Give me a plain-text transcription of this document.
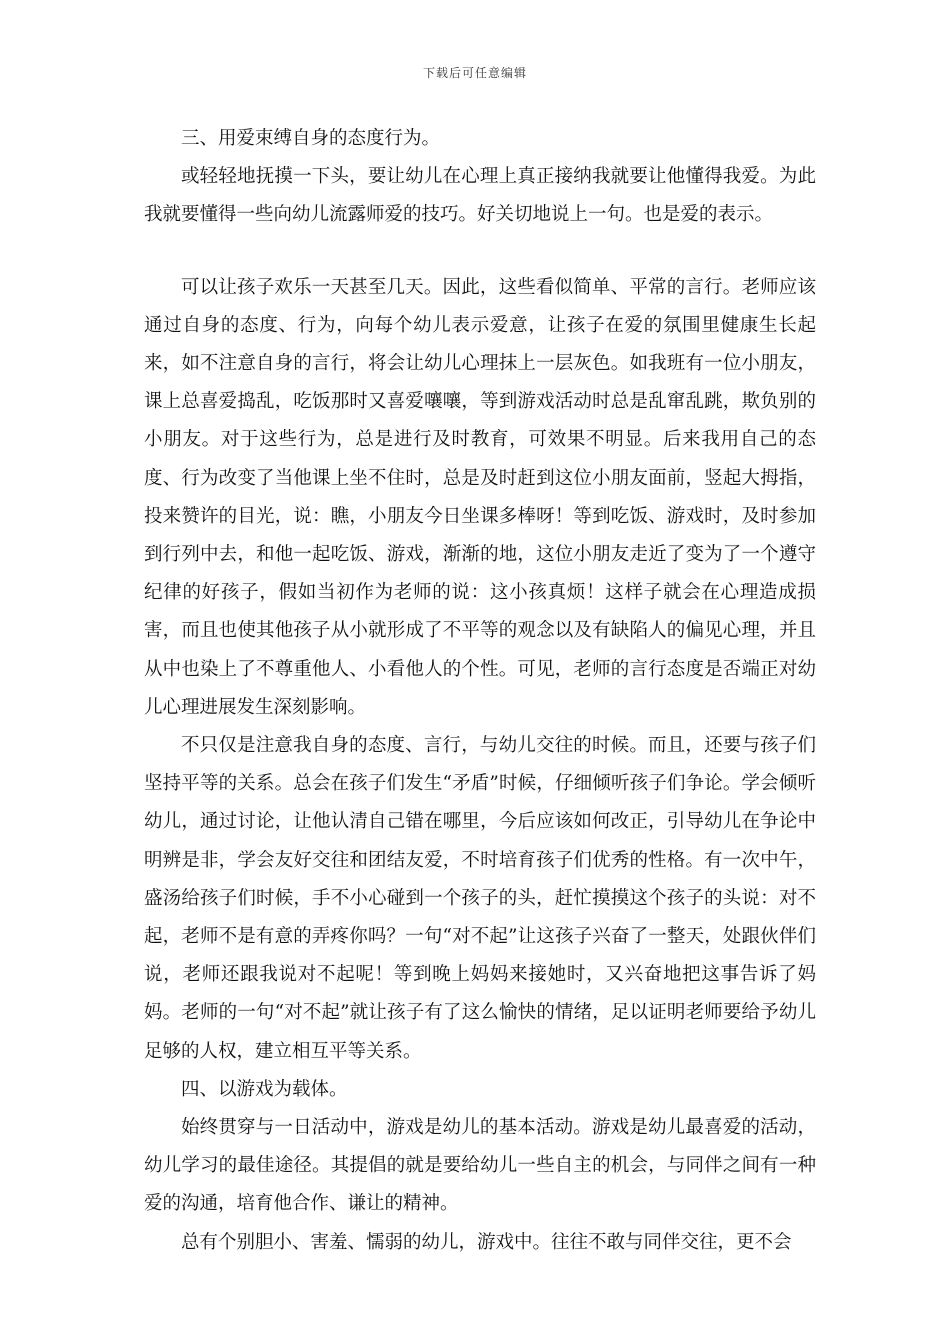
下载后可任意编辑

三、用爱束缚自身的态度行为。

或轻轻地抚摸一下头，要让幼儿在心理上真正接纳我就要让他懂得我爱。为此我就要懂得一些向幼儿流露师爱的技巧。好关切地说上一句。也是爱的表示。

可以让孩子欢乐一天甚至几天。因此，这些看似简单、平常的言行。老师应该通过自身的态度、行为，向每个幼儿表示爱意，让孩子在爱的氛围里健康生长起来，如不注意自身的言行，将会让幼儿心理抹上一层灰色。如我班有一位小朋友，课上总喜爱捣乱，吃饭那时又喜爱嚷嚷，等到游戏活动时总是乱窜乱跳，欺负别的小朋友。对于这些行为，总是进行及时教育，可效果不明显。后来我用自己的态度、行为改变了当他课上坐不住时，总是及时赶到这位小朋友面前，竖起大拇指，投来赞许的目光，说：瞧，小朋友今日坐课多棒呀！等到吃饭、游戏时，及时参加到行列中去，和他一起吃饭、游戏，渐渐的地，这位小朋友走近了变为了一个遵守纪律的好孩子，假如当初作为老师的说：这小孩真烦！这样子就会在心理造成损害，而且也使其他孩子从小就形成了不平等的观念以及有缺陷人的偏见心理，并且从中也染上了不尊重他人、小看他人的个性。可见，老师的言行态度是否端正对幼儿心理进展发生深刻影响。

不只仅是注意我自身的态度、言行，与幼儿交往的时候。而且，还要与孩子们坚持平等的关系。总会在孩子们发生“矛盾”时候，仔细倾听孩子们争论。学会倾听幼儿，通过讨论，让他认清自己错在哪里，今后应该如何改正，引导幼儿在争论中明辨是非，学会友好交往和团结友爱，不时培育孩子们优秀的性格。有一次中午，盛汤给孩子们时候，手不小心碰到一个孩子的头，赶忙摸摸这个孩子的头说：对不起，老师不是有意的弄疼你吗？一句“对不起”让这孩子兴奋了一整天，处跟伙伴们说，老师还跟我说对不起呢！等到晚上妈妈来接她时，又兴奋地把这事告诉了妈妈。老师的一句“对不起”就让孩子有了这么愉快的情绪，足以证明老师要给予幼儿足够的人权，建立相互平等关系。

四、以游戏为载体。

始终贯穿与一日活动中，游戏是幼儿的基本活动。游戏是幼儿最喜爱的活动，幼儿学习的最佳途径。其提倡的就是要给幼儿一些自主的机会，与同伴之间有一种爱的沟通，培育他合作、谦让的精神。

总有个别胆小、害羞、懦弱的幼儿，游戏中。往往不敢与同伴交往，更不会
